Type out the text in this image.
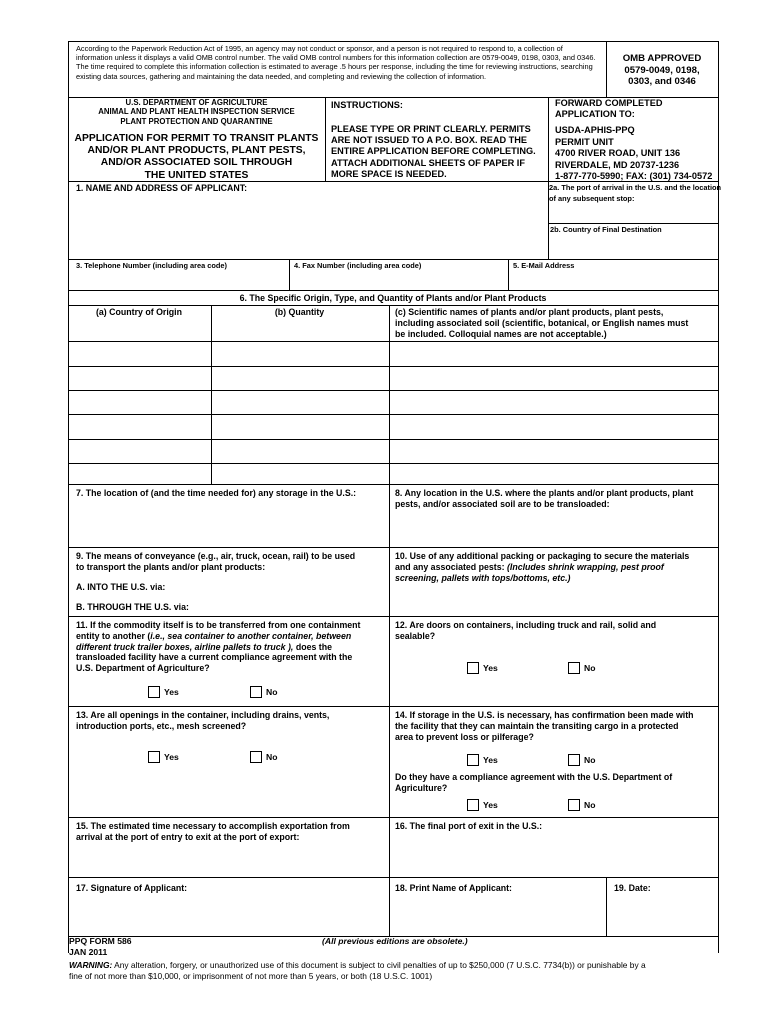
According to the Paperwork Reduction Act of 1995, an agency may not conduct or sponsor, and a person is not required to respond to, a collection of information unless it displays a valid OMB control number. The valid OMB control numbers for this information collection are 0579-0049, 0198, 0303, and 0346. The time required to complete this information collection is estimated to average .5 hours per response, including the time for reviewing instructions, searching existing data sources, gathering and maintaining the data needed, and completing and reviewing the collection of information.
OMB APPROVED
0579-0049, 0198,
0303, and 0346
U.S. DEPARTMENT OF AGRICULTURE
ANIMAL AND PLANT HEALTH INSPECTION SERVICE
PLANT PROTECTION AND QUARANTINE
APPLICATION FOR PERMIT TO TRANSIT PLANTS
AND/OR PLANT PRODUCTS, PLANT PESTS,
AND/OR ASSOCIATED SOIL THROUGH
THE UNITED STATES
INSTRUCTIONS:
PLEASE TYPE OR PRINT CLEARLY. PERMITS
ARE NOT ISSUED TO A P.O. BOX. READ THE
ENTIRE APPLICATION BEFORE COMPLETING.
ATTACH ADDITIONAL SHEETS OF PAPER IF
MORE SPACE IS NEEDED.
FORWARD COMPLETED
APPLICATION TO:
USDA-APHIS-PPQ
PERMIT UNIT
4700 RIVER ROAD, UNIT 136
RIVERDALE, MD 20737-1236
1-877-770-5990; FAX: (301) 734-0572
1. NAME AND ADDRESS OF APPLICANT:	2a. The port of arrival in the U.S. and the location
of any subsequent stop:
2b. Country of Final Destination
3. Telephone Number (including area code)	4. Fax Number (including area code)	5. E-Mail Address
6. The Specific Origin, Type, and Quantity of Plants and/or Plant Products
(a) Country of Origin	(b) Quantity	(c) Scientific names of plants and/or plant products, plant pests,
including associated soil (scientific, botanical, or English names must
be included. Colloquial names are not acceptable.)
7. The location of (and the time needed for) any storage in the U.S.:	8. Any location in the U.S. where the plants and/or plant products, plant
pests, and/or associated soil are to be transloaded:
9. The means of conveyance (e.g., air, truck, ocean, rail) to be used
to transport the plants and/or plant products:
A. INTO THE U.S. via:
B. THROUGH THE U.S. via:
10. Use of any additional packing or packaging to secure the materials
and any associated pests: (Includes shrink wrapping, pest proof
screening, pallets with tops/bottoms, etc.)
11. If the commodity itself is to be transferred from one containment
entity to another (i.e., sea container to another container, between
different truck trailer boxes, airline pallets to truck ), does the
transloaded facility have a current compliance agreement with the
U.S. Department of Agriculture?
Yes	No
12. Are doors on containers, including truck and rail, solid and
sealable?
Yes	No
13. Are all openings in the container, including drains, vents,
introduction ports, etc., mesh screened?
Yes	No
14. If storage in the U.S. is necessary, has confirmation been made with
the facility that they can maintain the transiting cargo in a protected
area to prevent loss or pilferage?
Yes	No
Do they have a compliance agreement with the U.S. Department of
Agriculture?
Yes	No
15. The estimated time necessary to accomplish exportation from
arrival at the port of entry to exit at the port of export:
16. The final port of exit in the U.S.:
17. Signature of Applicant:	18. Print Name of Applicant:	19. Date:
PPQ FORM 586
JAN 2011
(All previous editions are obsolete.)
WARNING: Any alteration, forgery, or unauthorized use of this document is subject to civil penalties of up to $250,000 (7 U.S.C. 7734(b)) or punishable by a
fine of not more than $10,000, or imprisonment of not more than 5 years, or both (18 U.S.C. 1001)
